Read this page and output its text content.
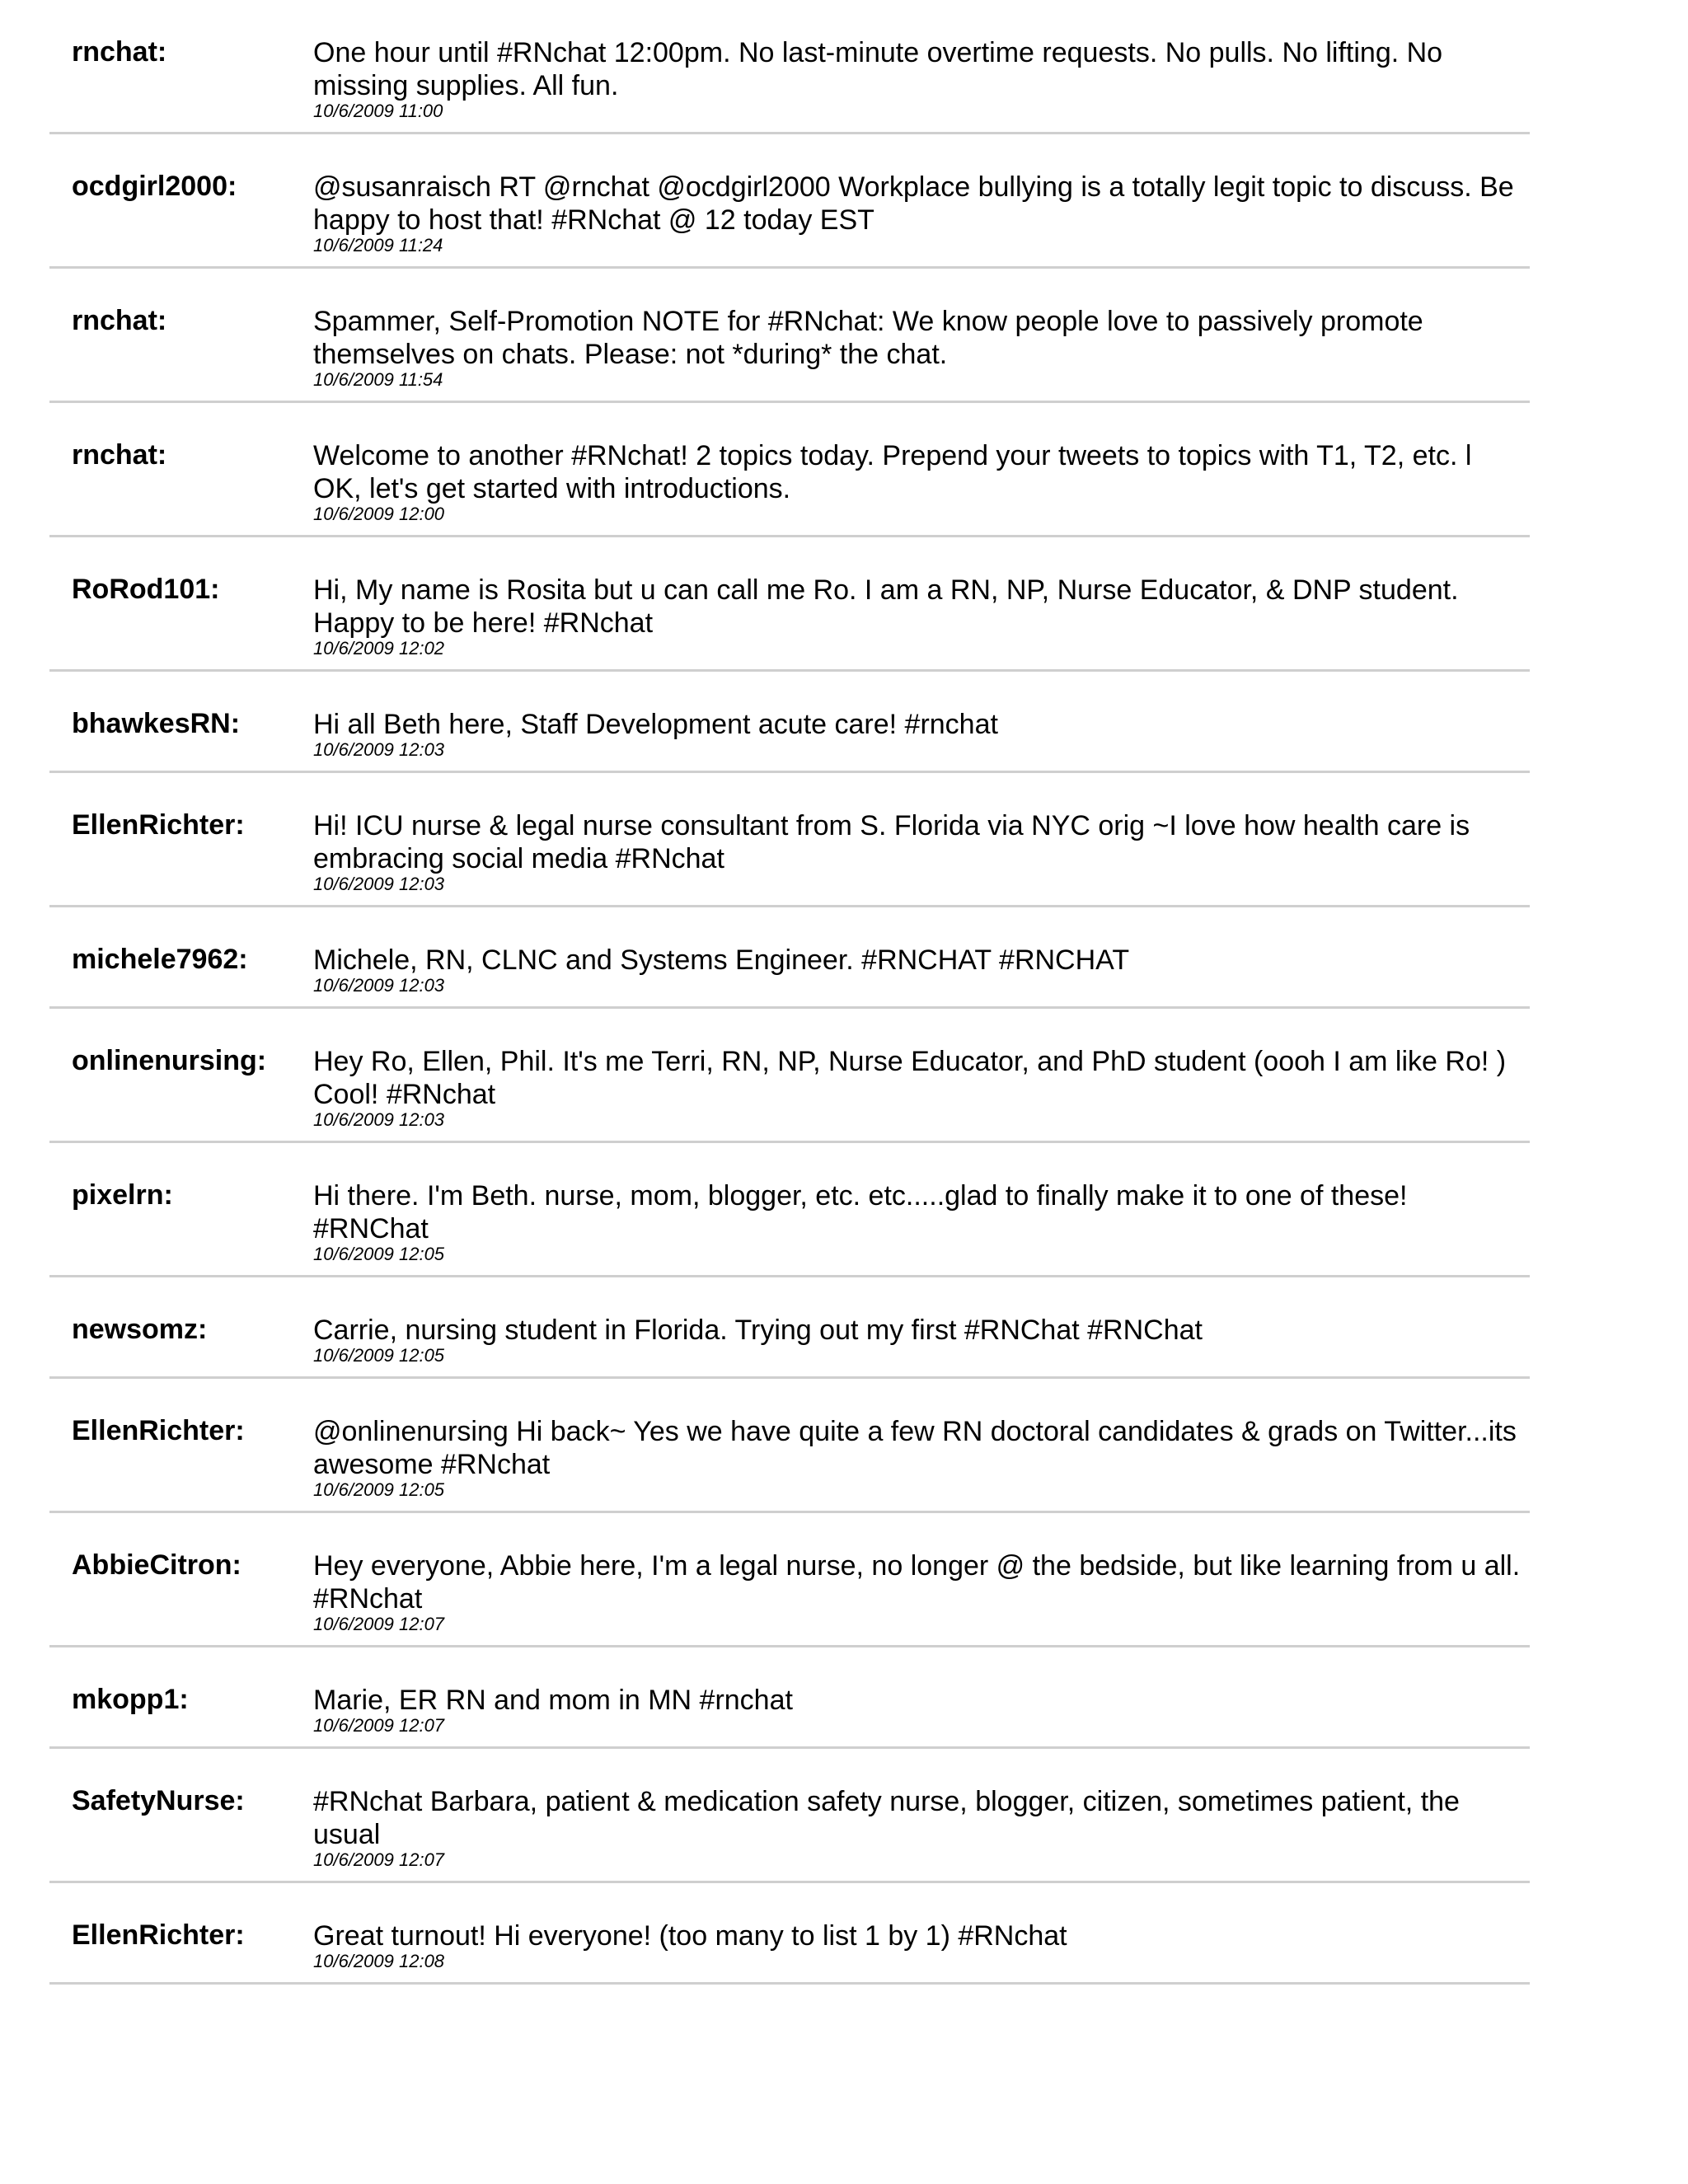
rnchat:	One hour until #RNchat 12:00pm. No last-minute overtime requests. No pulls. No lifting. No missing supplies. All fun.
10/6/2009 11:00
ocdgirl2000:	@susanraisch RT @rnchat @ocdgirl2000 Workplace bullying is a totally legit topic to discuss. Be happy to host that! #RNchat @ 12 today EST
10/6/2009 11:24
rnchat:	Spammer, Self-Promotion NOTE for #RNchat: We know people love to passively promote themselves on chats. Please: not *during* the chat.
10/6/2009 11:54
rnchat:	Welcome to another #RNchat! 2 topics today. Prepend your tweets to topics with T1, T2, etc. l OK, let's get started with introductions.
10/6/2009 12:00
RoRod101:	Hi, My name is Rosita but u can call me Ro. I am a RN, NP, Nurse Educator, & DNP student. Happy to be here! #RNchat
10/6/2009 12:02
bhawkesRN:	Hi all Beth here, Staff Development acute care! #rnchat
10/6/2009 12:03
EllenRichter:	Hi! ICU nurse & legal nurse consultant from S. Florida via NYC orig ~I love how health care is embracing social media #RNchat
10/6/2009 12:03
michele7962:	Michele, RN, CLNC and Systems Engineer. #RNCHAT #RNCHAT
10/6/2009 12:03
onlinenursing:	Hey Ro, Ellen, Phil. It's me Terri, RN, NP, Nurse Educator, and PhD student (oooh I am like Ro! ) Cool! #RNchat
10/6/2009 12:03
pixelrn:	Hi there. I'm Beth. nurse, mom, blogger, etc. etc.....glad to finally make it to one of these! #RNChat
10/6/2009 12:05
newsomz:	Carrie, nursing student in Florida. Trying out my first #RNChat #RNChat
10/6/2009 12:05
EllenRichter:	@onlinenursing Hi back~ Yes we have quite a few RN doctoral candidates & grads on Twitter...its awesome #RNchat
10/6/2009 12:05
AbbieCitron:	Hey everyone, Abbie here, I'm a legal nurse, no longer @ the bedside, but like learning from u all. #RNchat
10/6/2009 12:07
mkopp1:	Marie, ER RN and mom in MN #rnchat
10/6/2009 12:07
SafetyNurse:	#RNchat Barbara, patient & medication safety nurse, blogger, citizen, sometimes patient, the usual
10/6/2009 12:07
EllenRichter:	Great turnout! Hi everyone! (too many to list 1 by 1) #RNchat
10/6/2009 12:08
